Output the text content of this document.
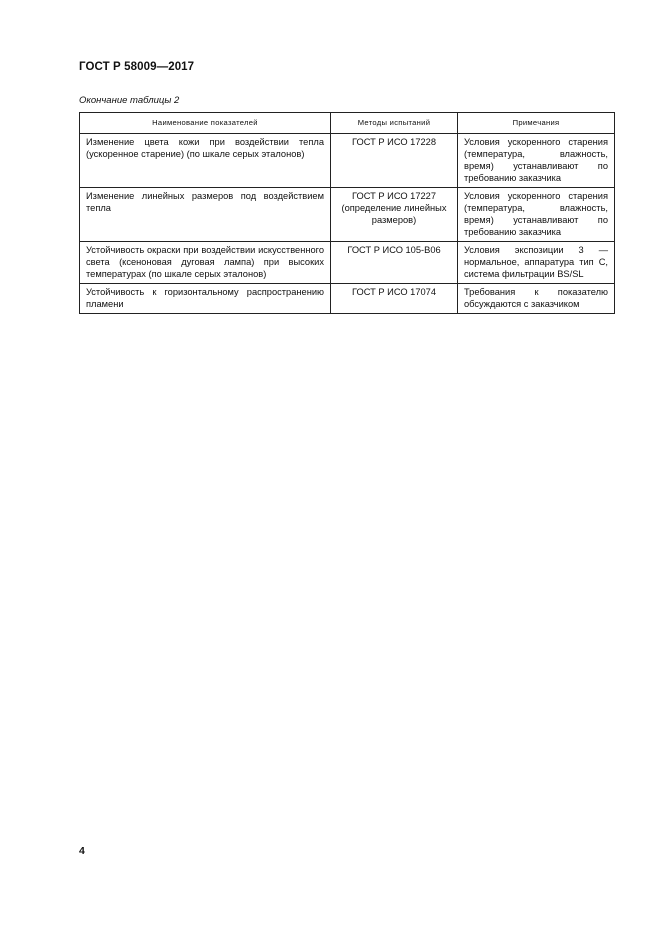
ГОСТ Р 58009—2017
Окончание таблицы 2
Наименование показателей	Методы испытаний	Примечания
Изменение цвета кожи при воздействии тепла (ускоренное старение) (по шкале серых эталонов)	ГОСТ Р ИСО 17228	Условия ускоренного старения (температура, влажность, время) устанавливают по требованию заказчика
Изменение линейных размеров под воздействием тепла	ГОСТ Р ИСО 17227 (определение линейных размеров)	Условия ускоренного старения (температура, влажность, время) устанавливают по требованию заказчика
Устойчивость окраски при воздействии искусственного света (ксеноновая дуговая лампа) при высоких температурах (по шкале серых эталонов)	ГОСТ Р ИСО 105-В06	Условия экспозиции 3 — нормальное, аппаратура тип С, система фильтрации BS/SL
Устойчивость к горизонтальному распространению пламени	ГОСТ Р ИСО 17074	Требования к показателю обсуждаются с заказчиком
4
